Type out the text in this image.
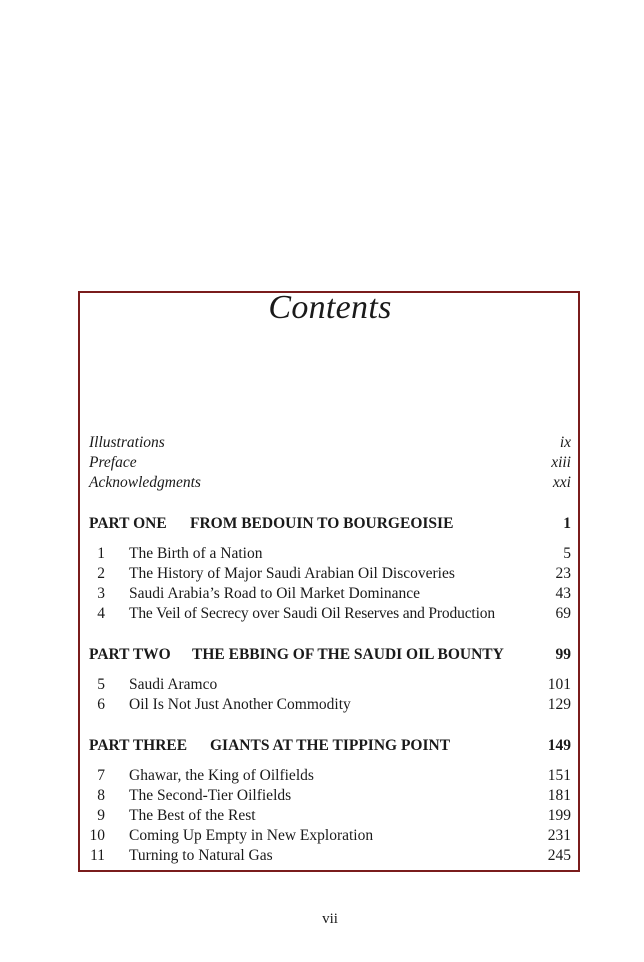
Contents
Illustrations	ix
Preface	xiii
Acknowledgments	xxi
PART ONE FROM BEDOUIN TO BOURGEOISIE	1
1 The Birth of a Nation	5
2 The History of Major Saudi Arabian Oil Discoveries	23
3 Saudi Arabia’s Road to Oil Market Dominance	43
4 The Veil of Secrecy over Saudi Oil Reserves and Production	69
PART TWO THE EBBING OF THE SAUDI OIL BOUNTY	99
5 Saudi Aramco	101
6 Oil Is Not Just Another Commodity	129
PART THREE GIANTS AT THE TIPPING POINT	149
7 Ghawar, the King of Oilfields	151
8 The Second-Tier Oilfields	181
9 The Best of the Rest	199
10 Coming Up Empty in New Exploration	231
11 Turning to Natural Gas	245
vii
